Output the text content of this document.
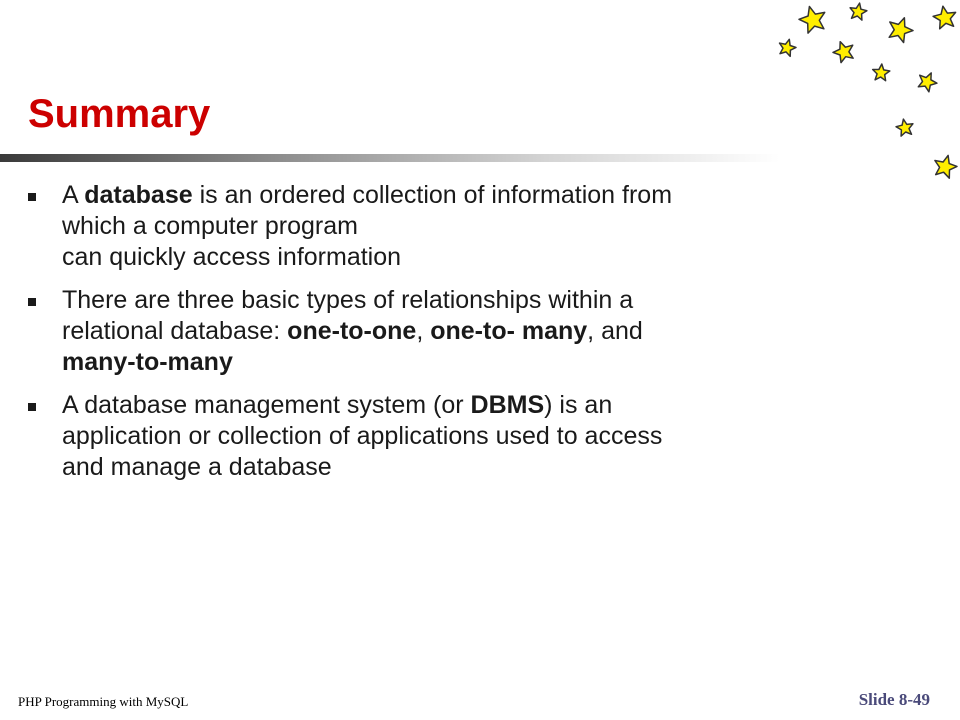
Summary
A database is an ordered collection of information from
which a computer program
can quickly access information
There are three basic types of relationships within a
relational database: one-to-one, one-to- many, and
many-to-many
A database management system (or DBMS) is an
application or collection of applications used to access
and manage a database
PHP Programming with MySQL	Slide 8-49
